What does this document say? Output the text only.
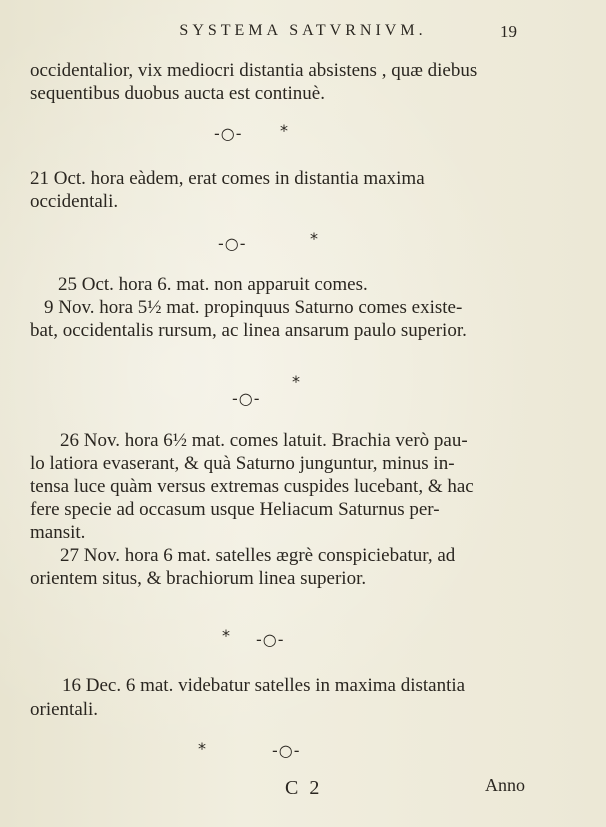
SYSTEMA SATVRNIVM.	19
occidentalior, vix mediocri distantia absistens , quæ diebus
sequentibus duobus aucta est continuè.
-○- *
21 Oct. hora eàdem, erat comes in distantia maxima
occidentali.
-○-	*
25 Oct. hora 6. mat. non apparuit comes.
9 Nov. hora 5½ mat. propinquus Saturno comes existe-
bat, occidentalis rursum, ac linea ansarum paulo superior.
*
-○-
26 Nov. hora 6½ mat. comes latuit. Brachia verò pau-
lo latiora evaserant, & quà Saturno junguntur, minus in-
tensa luce quàm versus extremas cuspides lucebant, & hac
fere specie ad occasum usque Heliacum Saturnus per-
mansit.
27 Nov. hora 6 mat. satelles ægrè conspiciebatur, ad
orientem situs, & brachiorum linea superior.
* -○-
16 Dec. 6 mat. videbatur satelles in maxima distantia
orientali.
*	-○-
C 2	Anno
